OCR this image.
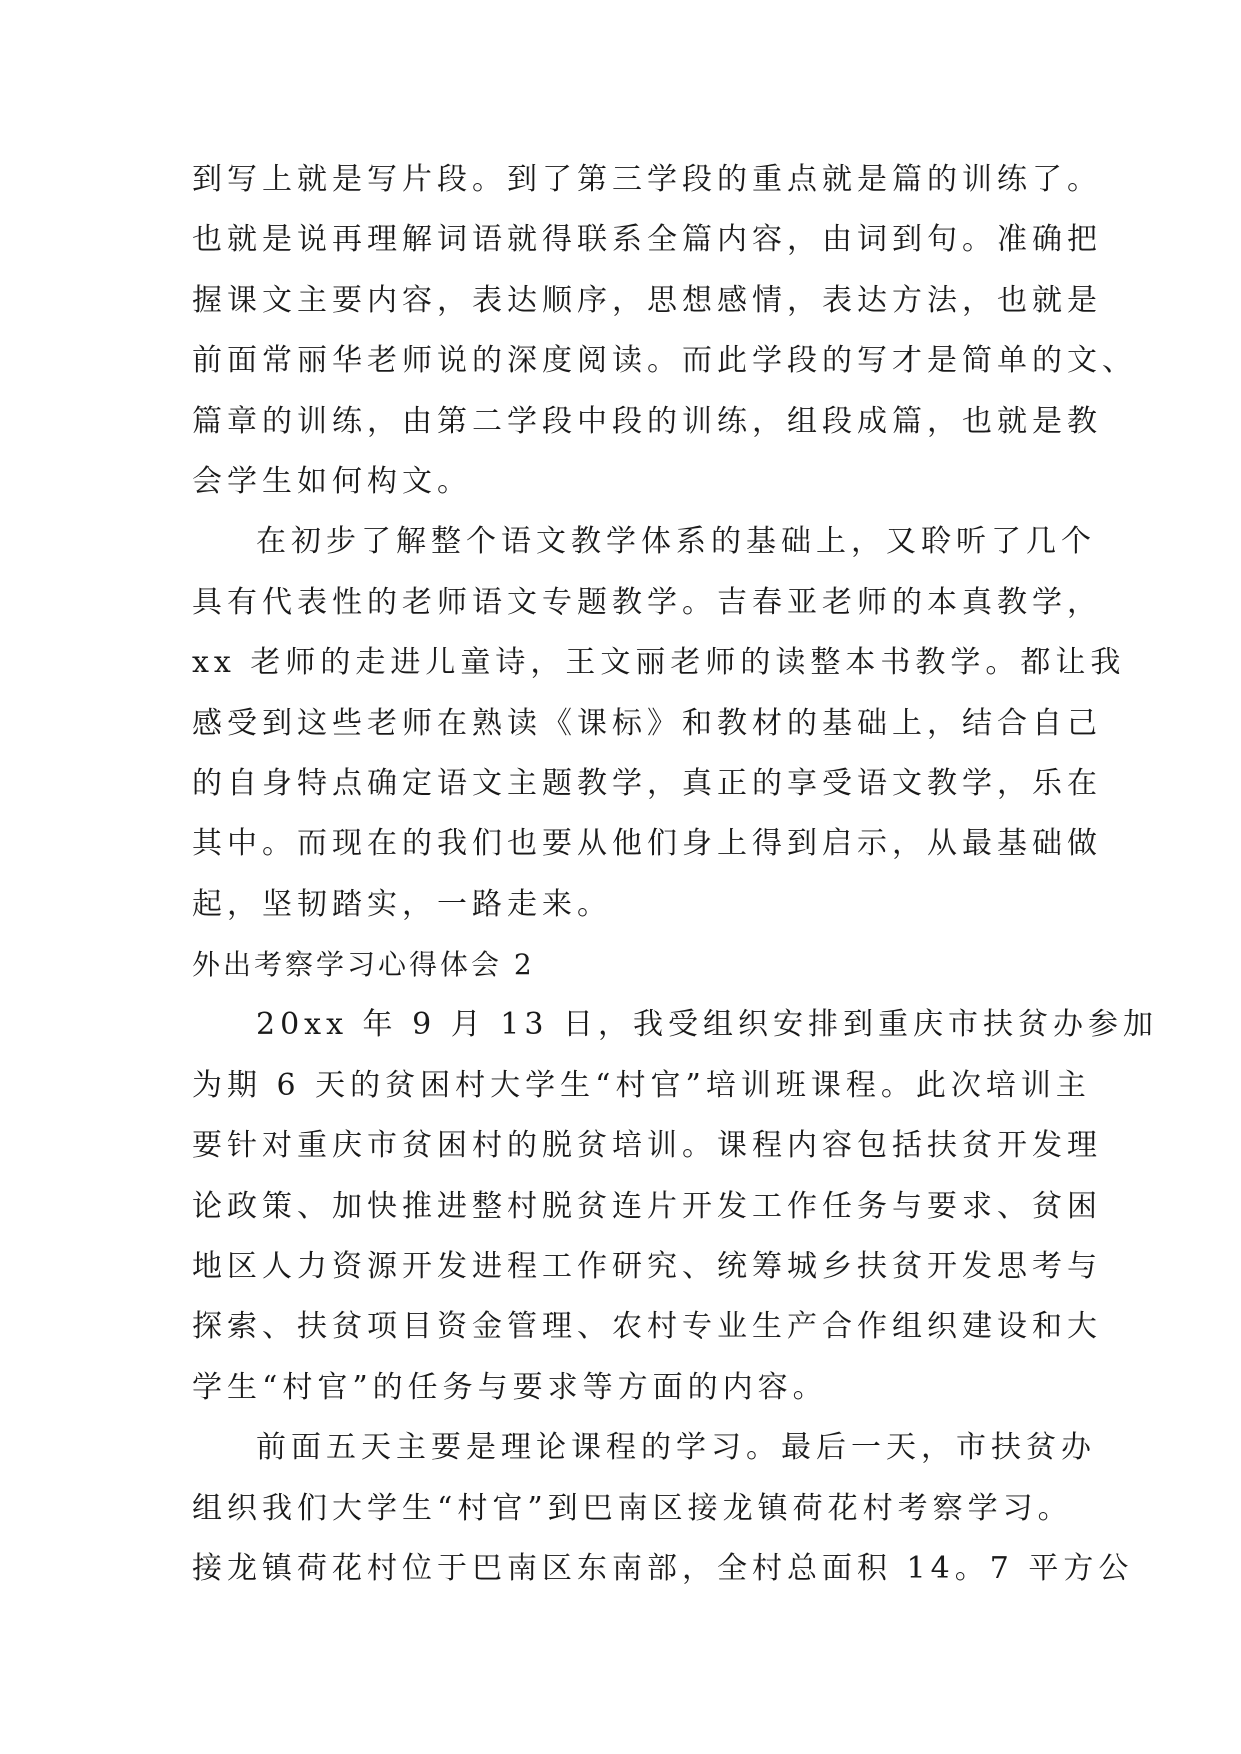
到写上就是写片段。到了第三学段的重点就是篇的训练了。
也就是说再理解词语就得联系全篇内容，由词到句。准确把
握课文主要内容，表达顺序，思想感情，表达方法，也就是
前面常丽华老师说的深度阅读。而此学段的写才是简单的文、
篇章的训练，由第二学段中段的训练，组段成篇，也就是教
会学生如何构文。
在初步了解整个语文教学体系的基础上，又聆听了几个
具有代表性的老师语文专题教学。吉春亚老师的本真教学，
xx 老师的走进儿童诗，王文丽老师的读整本书教学。都让我
感受到这些老师在熟读《课标》和教材的基础上，结合自己
的自身特点确定语文主题教学，真正的享受语文教学，乐在
其中。而现在的我们也要从他们身上得到启示，从最基础做
起，坚韧踏实，一路走来。
外出考察学习心得体会 2
20xx 年 9 月 13 日，我受组织安排到重庆市扶贫办参加
为期 6 天的贫困村大学生“村官”培训班课程。此次培训主
要针对重庆市贫困村的脱贫培训。课程内容包括扶贫开发理
论政策、加快推进整村脱贫连片开发工作任务与要求、贫困
地区人力资源开发进程工作研究、统筹城乡扶贫开发思考与
探索、扶贫项目资金管理、农村专业生产合作组织建设和大
学生“村官”的任务与要求等方面的内容。
前面五天主要是理论课程的学习。最后一天，市扶贫办
组织我们大学生“村官”到巴南区接龙镇荷花村考察学习。
接龙镇荷花村位于巴南区东南部，全村总面积 14。7 平方公
